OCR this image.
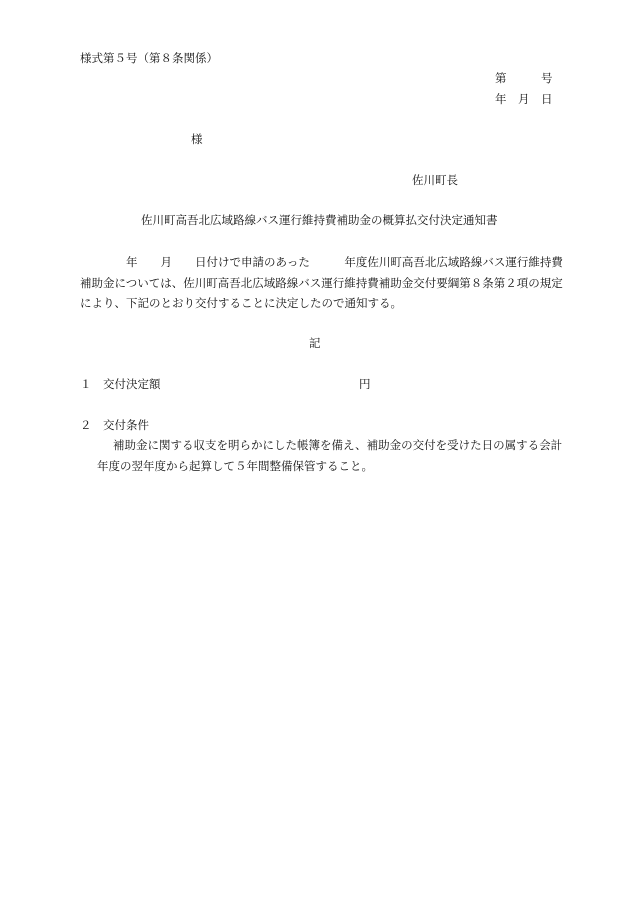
様式第５号（第８条関係）
第　　　号
年　月　日
様
佐川町長
佐川町高吾北広域路線バス運行維持費補助金の概算払交付決定通知書
　　　　年　　月　　日付けで申請のあった　　　年度佐川町高吾北広域路線バス運行維持費
補助金については、佐川町高吾北広域路線バス運行維持費補助金交付要綱第８条第２項の規定
により、下記のとおり交付することに決定したので通知する。
記
１　交付決定額	円
２　交付条件
補助金に関する収支を明らかにした帳簿を備え、補助金の交付を受けた日の属する会計
年度の翌年度から起算して５年間整備保管すること。
